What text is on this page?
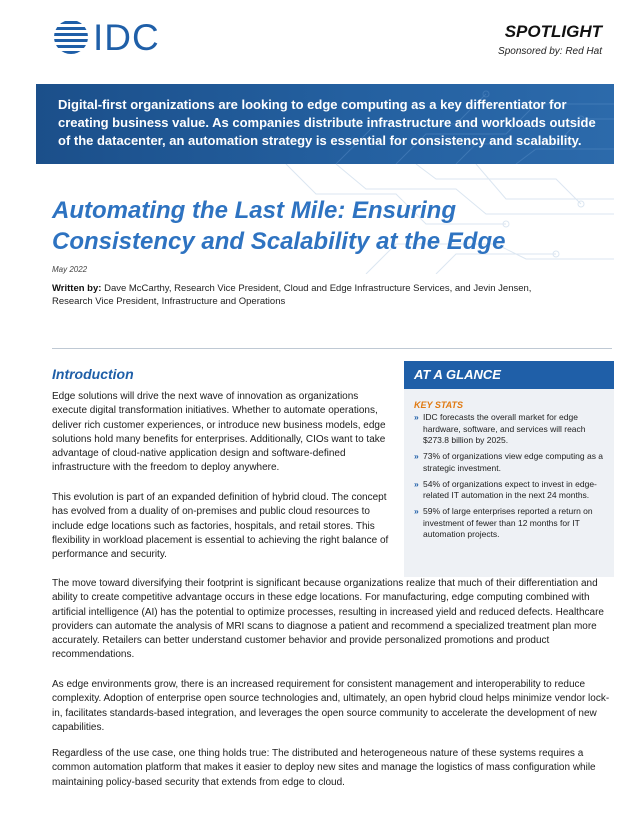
IDC	SPOTLIGHT
Sponsored by: Red Hat

Digital-first organizations are looking to edge computing as a key differentiator for creating business value. As companies distribute infrastructure and workloads outside of the datacenter, an automation strategy is essential for consistency and scalability.

Automating the Last Mile: Ensuring
Consistency and Scalability at the Edge
May 2022
Written by: Dave McCarthy, Research Vice President, Cloud and Edge Infrastructure Services, and Jevin Jensen, Research Vice President, Infrastructure and Operations
Introduction

Edge solutions will drive the next wave of innovation as organizations execute digital transformation initiatives. Whether to automate operations, deliver rich customer experiences, or introduce new business models, edge solutions hold many benefits for enterprises. Additionally, CIOs want to take advantage of cloud-native application design and software-defined infrastructure with the freedom to deploy anywhere.

This evolution is part of an expanded definition of hybrid cloud. The concept has evolved from a duality of on-premises and public cloud resources to include edge locations such as factories, hospitals, and retail stores. This flexibility in workload placement is essential to achieving the right balance of performance and security.

The move toward diversifying their footprint is significant because organizations realize that much of their differentiation and ability to create competitive advantage occurs in these edge locations. For manufacturing, edge computing combined with artificial intelligence (AI) has the potential to optimize processes, resulting in increased yield and reduced defects. Healthcare providers can automate the analysis of MRI scans to diagnose a patient and recommend a specialized treatment plan more accurately. Retailers can better understand customer behavior and provide personalized promotions and product recommendations.

As edge environments grow, there is an increased requirement for consistent management and interoperability to reduce complexity. Adoption of enterprise open source technologies and, ultimately, an open hybrid cloud helps minimize vendor lock-in, facilitates standards-based integration, and leverages the open source community to accelerate the development of new capabilities.

Regardless of the use case, one thing holds true: The distributed and heterogeneous nature of these systems requires a common automation platform that makes it easier to deploy new sites and manage the logistics of mass configuration while maintaining policy-based security that extends from edge to cloud.

AT A GLANCE
KEY STATS
» IDC forecasts the overall market for edge hardware, software, and services will reach $273.8 billion by 2025.
» 73% of organizations view edge computing as a strategic investment.
» 54% of organizations expect to invest in edge-related IT automation in the next 24 months.
» 59% of large enterprises reported a return on investment of fewer than 12 months for IT automation projects.
